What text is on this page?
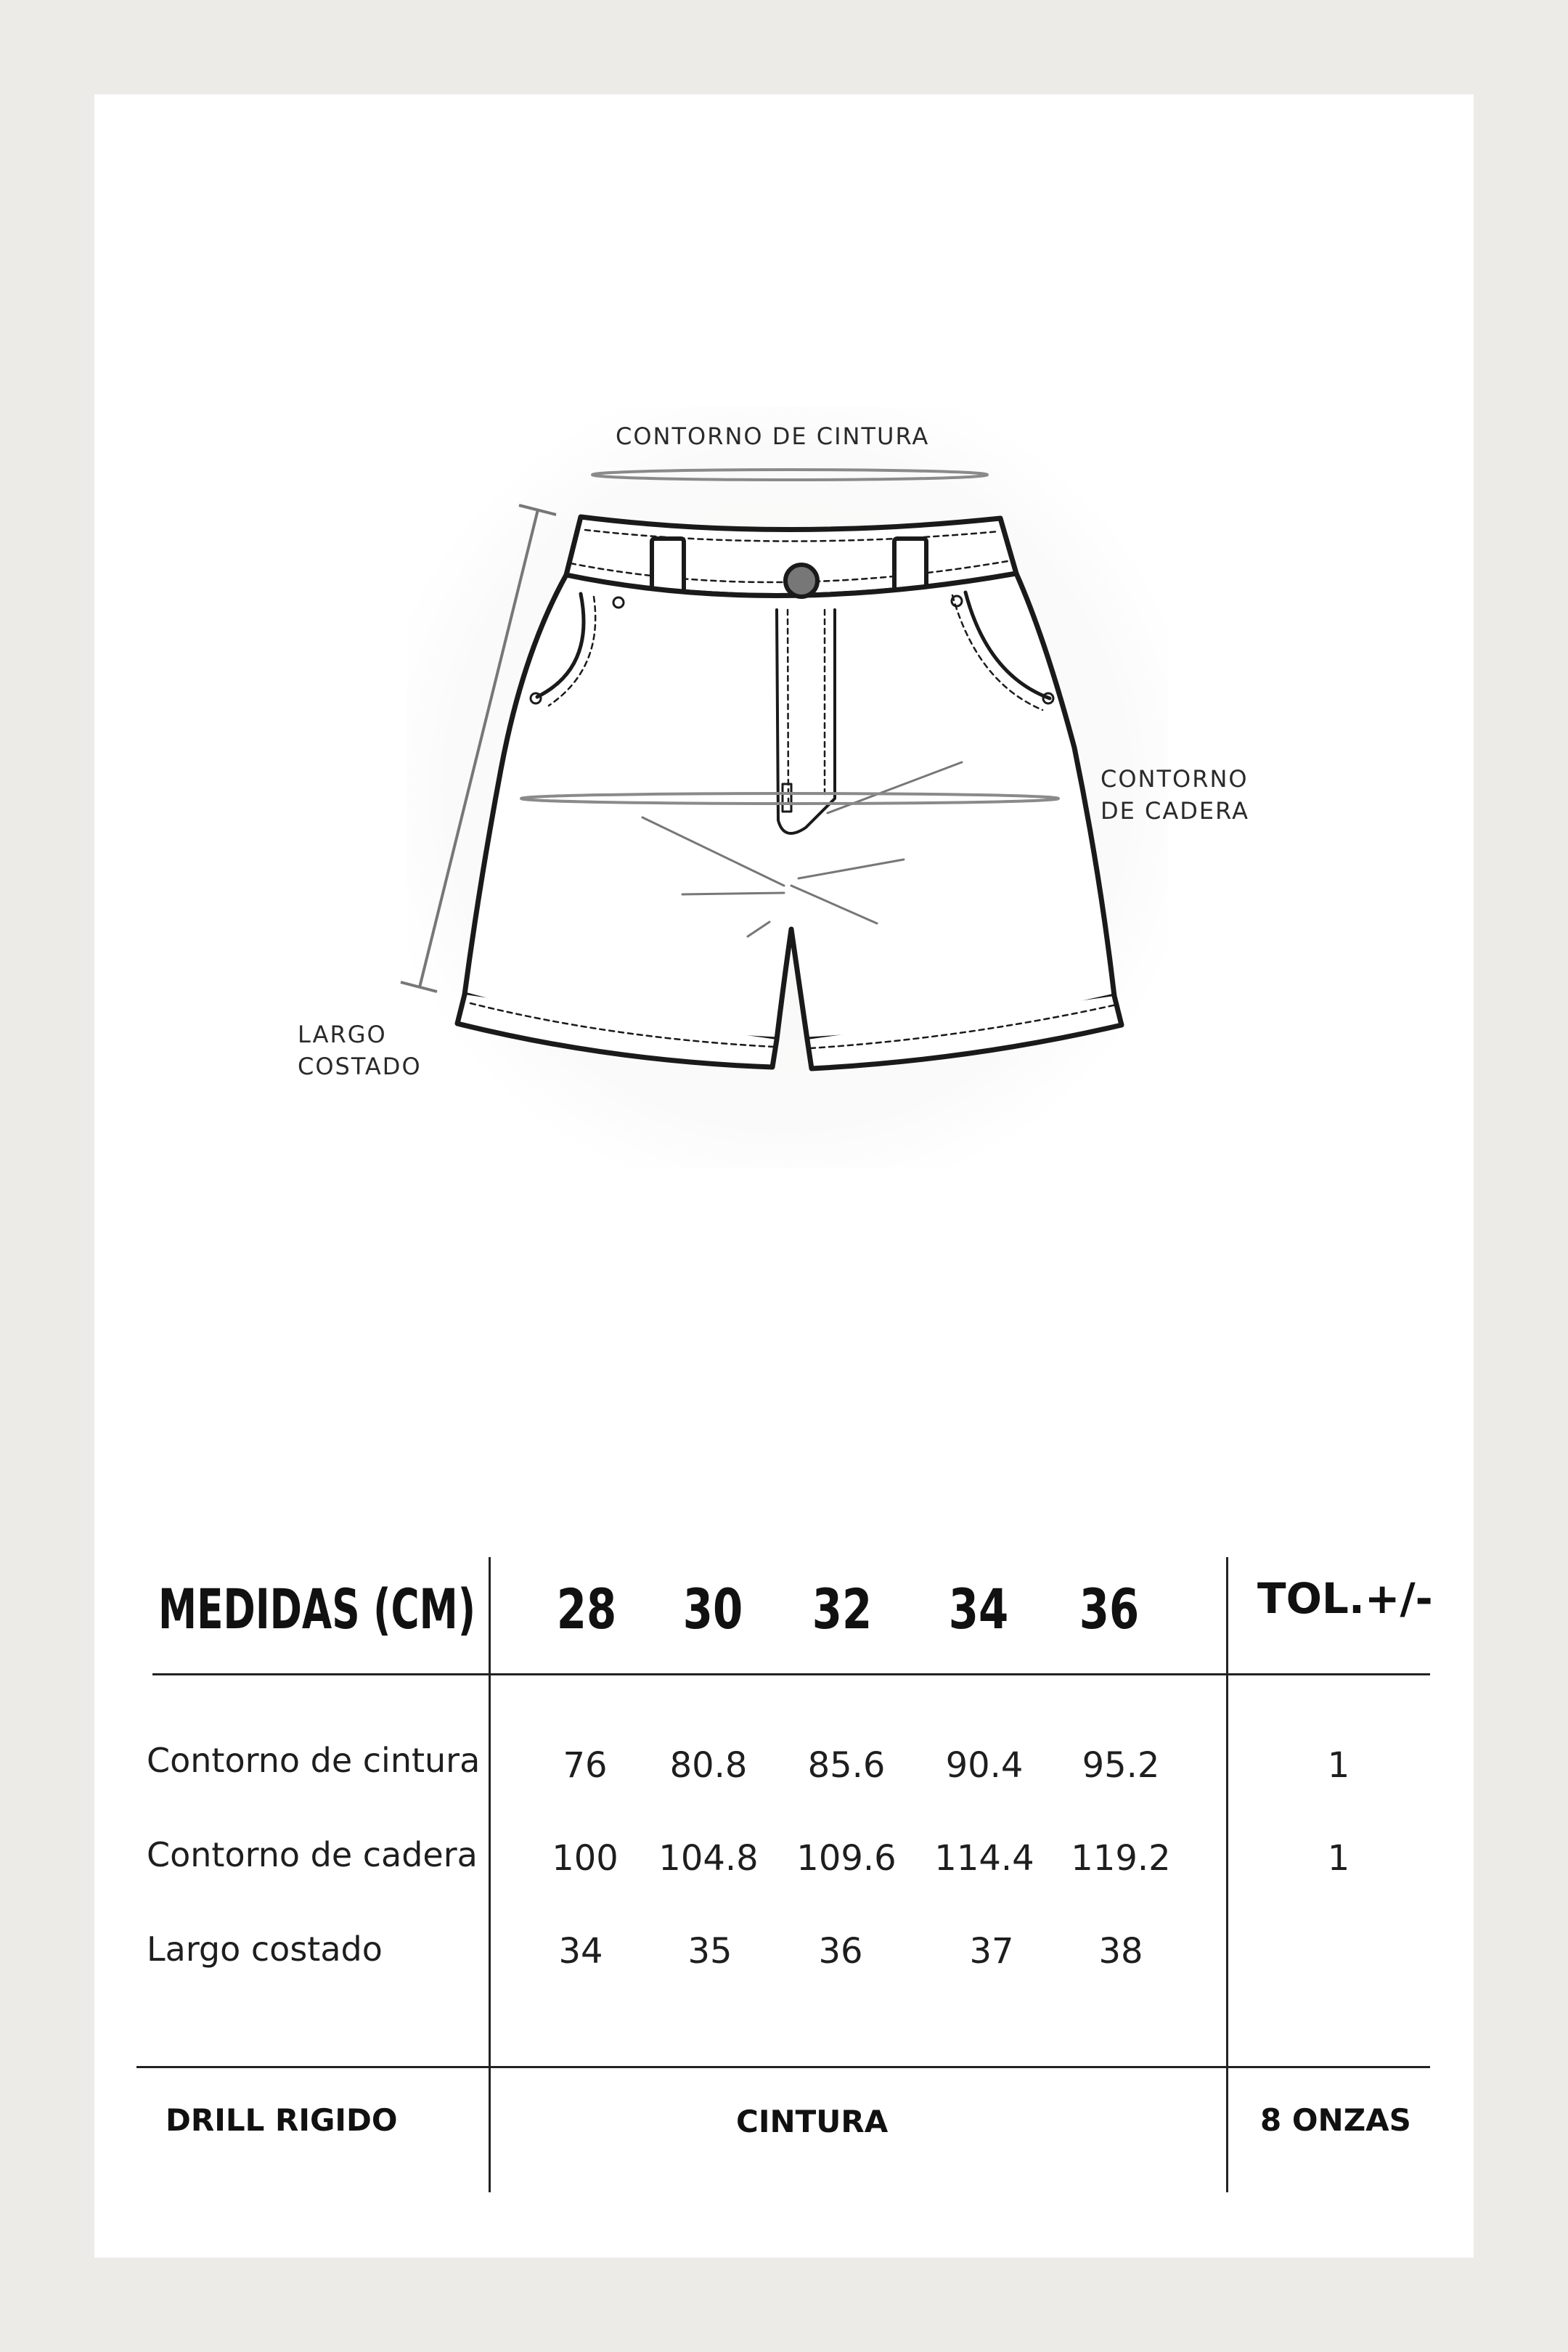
CONTORNO DE CINTURA
CONTORNO
DE CADERA
LARGO
COSTADO
MEDIDAS (CM) 28 30 32 34 36	TOL.+/-
Contorno de cintura	76	80.8	85.6	90.4	95.2	1
Contorno de cadera	100	104.8	109.6	114.4	119.2	1
Largo costado	34	35	36	37	38
DRILL RIGIDO	CINTURA	8 ONZAS
